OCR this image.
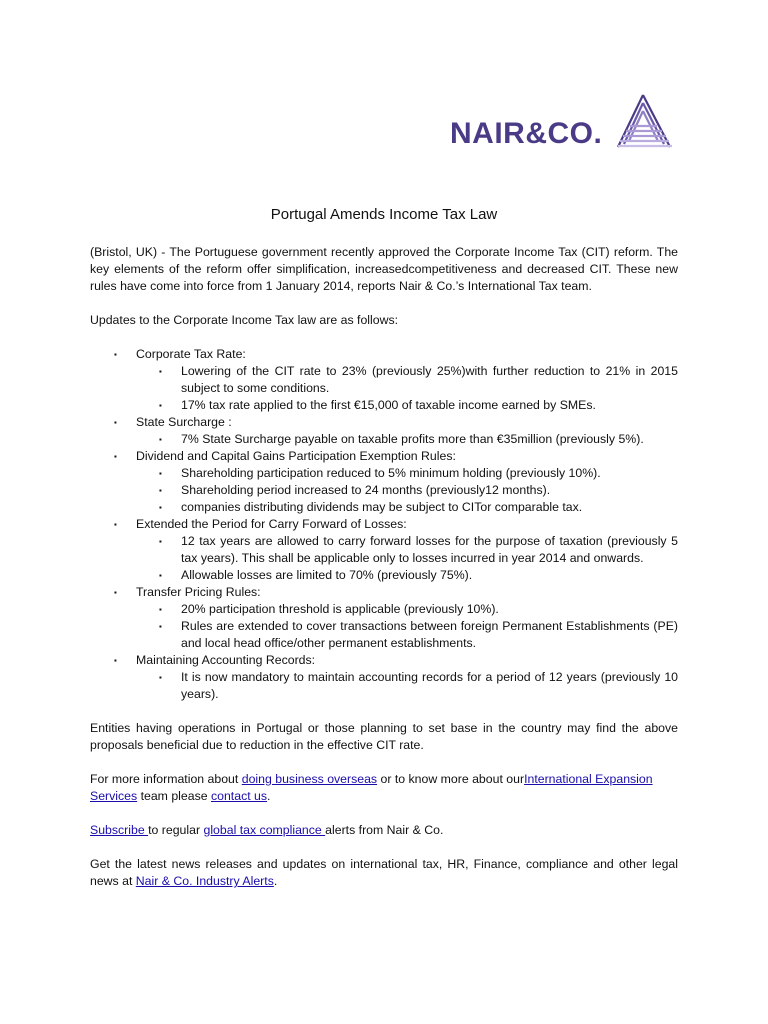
NAIR&CO.
Portugal Amends Income Tax Law

(Bristol, UK) - The Portuguese government recently approved the Corporate Income Tax (CIT) reform. The key elements of the reform offer simplification, increasedcompetitiveness and decreased CIT. These new rules have come into force from 1 January 2014, reports Nair & Co.’s International Tax team.

Updates to the Corporate Income Tax law are as follows:

▪ Corporate Tax Rate:
▪ Lowering of the CIT rate to 23% (previously 25%)with further reduction to 21% in 2015 subject to some conditions.
▪ 17% tax rate applied to the first €15,000 of taxable income earned by SMEs.
▪ State Surcharge :
▪ 7% State Surcharge payable on taxable profits more than €35million (previously 5%).
▪ Dividend and Capital Gains Participation Exemption Rules:
▪ Shareholding participation reduced to 5% minimum holding (previously 10%).
▪ Shareholding period increased to 24 months (previously12 months).
▪ companies distributing dividends may be subject to CITor comparable tax.
▪ Extended the Period for Carry Forward of Losses:
▪ 12 tax years are allowed to carry forward losses for the purpose of taxation (previously 5 tax years). This shall be applicable only to losses incurred in year 2014 and onwards.
▪ Allowable losses are limited to 70% (previously 75%).
▪ Transfer Pricing Rules:
▪ 20% participation threshold is applicable (previously 10%).
▪ Rules are extended to cover transactions between foreign Permanent Establishments (PE) and local head office/other permanent establishments.
▪ Maintaining Accounting Records:
▪ It is now mandatory to maintain accounting records for a period of 12 years (previously 10 years).

Entities having operations in Portugal or those planning to set base in the country may find the above proposals beneficial due to reduction in the effective CIT rate.

For more information about doing business overseas or to know more about ourInternational Expansion Services team please contact us.

Subscribe to regular global tax compliance alerts from Nair & Co.

Get the latest news releases and updates on international tax, HR, Finance, compliance and other legal news at Nair & Co. Industry Alerts.
